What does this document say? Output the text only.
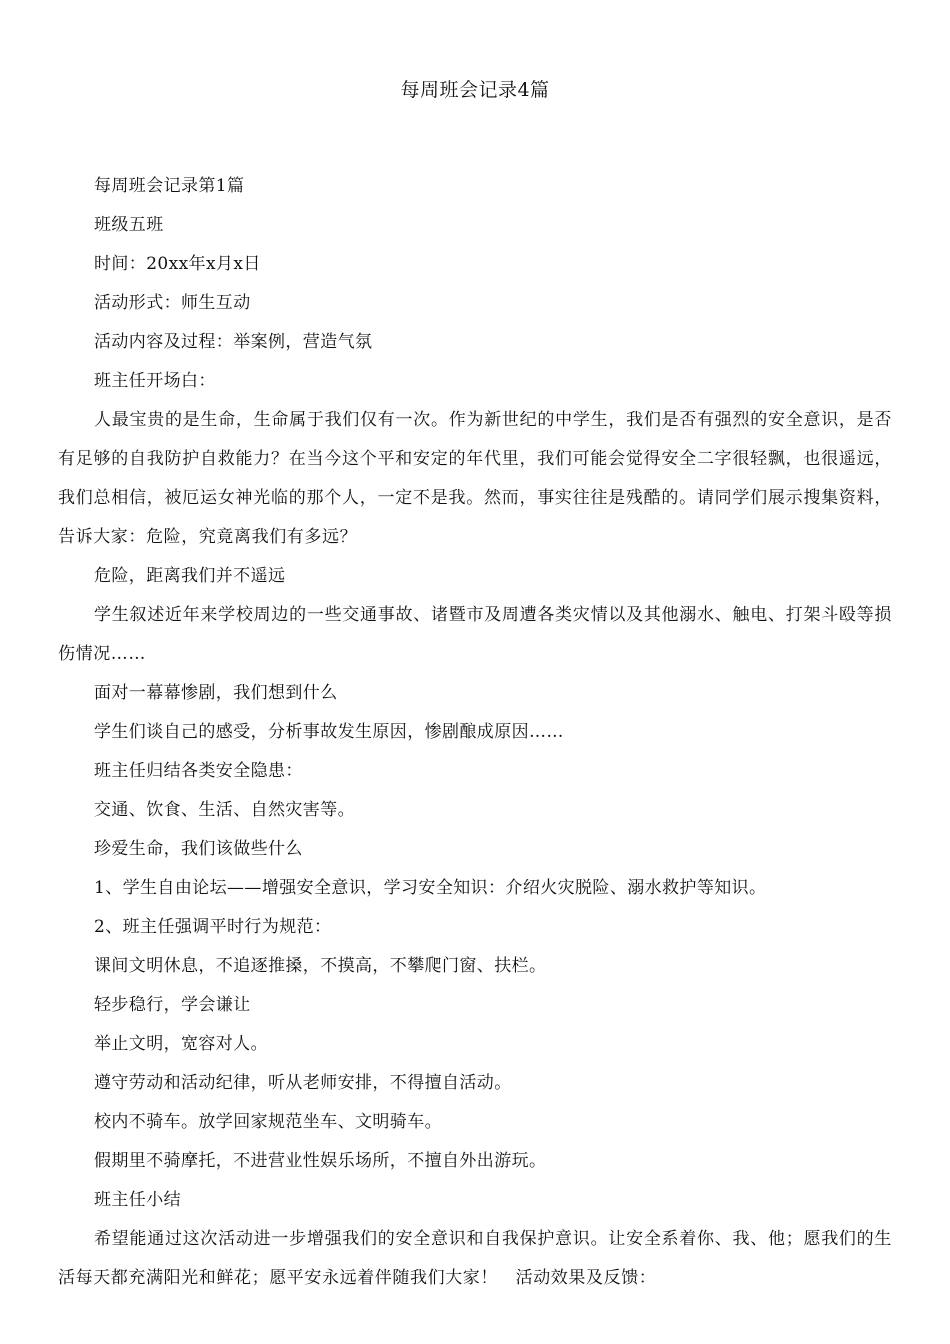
每周班会记录4篇

每周班会记录第1篇

班级五班

时间：20xx年x月x日

活动形式：师生互动

活动内容及过程：举案例，营造气氛

班主任开场白：

人最宝贵的是生命，生命属于我们仅有一次。作为新世纪的中学生，我们是否有强烈的安全意识，是否有足够的自我防护自救能力？在当今这个平和安定的年代里，我们可能会觉得安全二字很轻飘，也很遥远，我们总相信，被厄运女神光临的那个人，一定不是我。然而，事实往往是残酷的。请同学们展示搜集资料，告诉大家：危险，究竟离我们有多远？

危险，距离我们并不遥远

学生叙述近年来学校周边的一些交通事故、诸暨市及周遭各类灾情以及其他溺水、触电、打架斗殴等损伤情况……

面对一幕幕惨剧，我们想到什么

学生们谈自己的感受，分析事故发生原因，惨剧酿成原因……

班主任归结各类安全隐患：

交通、饮食、生活、自然灾害等。

珍爱生命，我们该做些什么

1、学生自由论坛——增强安全意识，学习安全知识：介绍火灾脱险、溺水救护等知识。

2、班主任强调平时行为规范：

课间文明休息，不追逐推搡，不摸高，不攀爬门窗、扶栏。

轻步稳行，学会谦让

举止文明，宽容对人。

遵守劳动和活动纪律，听从老师安排，不得擅自活动。

校内不骑车。放学回家规范坐车、文明骑车。

假期里不骑摩托，不进营业性娱乐场所，不擅自外出游玩。

班主任小结

希望能通过这次活动进一步增强我们的安全意识和自我保护意识。让安全系着你、我、他；愿我们的生活每天都充满阳光和鲜花；愿平安永远着伴随我们大家！　活动效果及反馈：
